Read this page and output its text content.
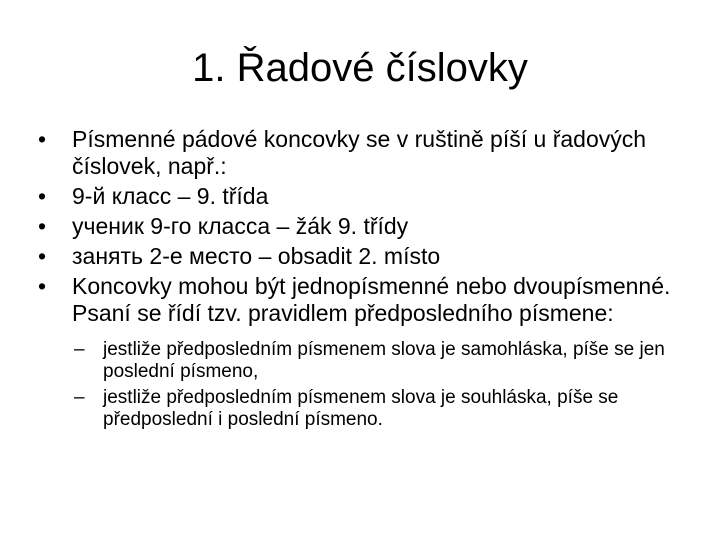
1. Řadové číslovky
•	Písmenné pádové koncovky se v ruštině píší u řadových číslovek, např.:
•	9-й класс – 9. třída
•	ученик 9-го класса – žák 9. třídy
•	занять 2-е место – obsadit 2. místo
•	Koncovky mohou být jednopísmenné nebo dvoupísmenné. Psaní se řídí tzv. pravidlem předposledního písmene:
– jestliže předposledním písmenem slova je samohláska, píše se jen poslední písmeno,
– jestliže předposledním písmenem slova je souhláska, píše se předposlední i poslední písmeno.
